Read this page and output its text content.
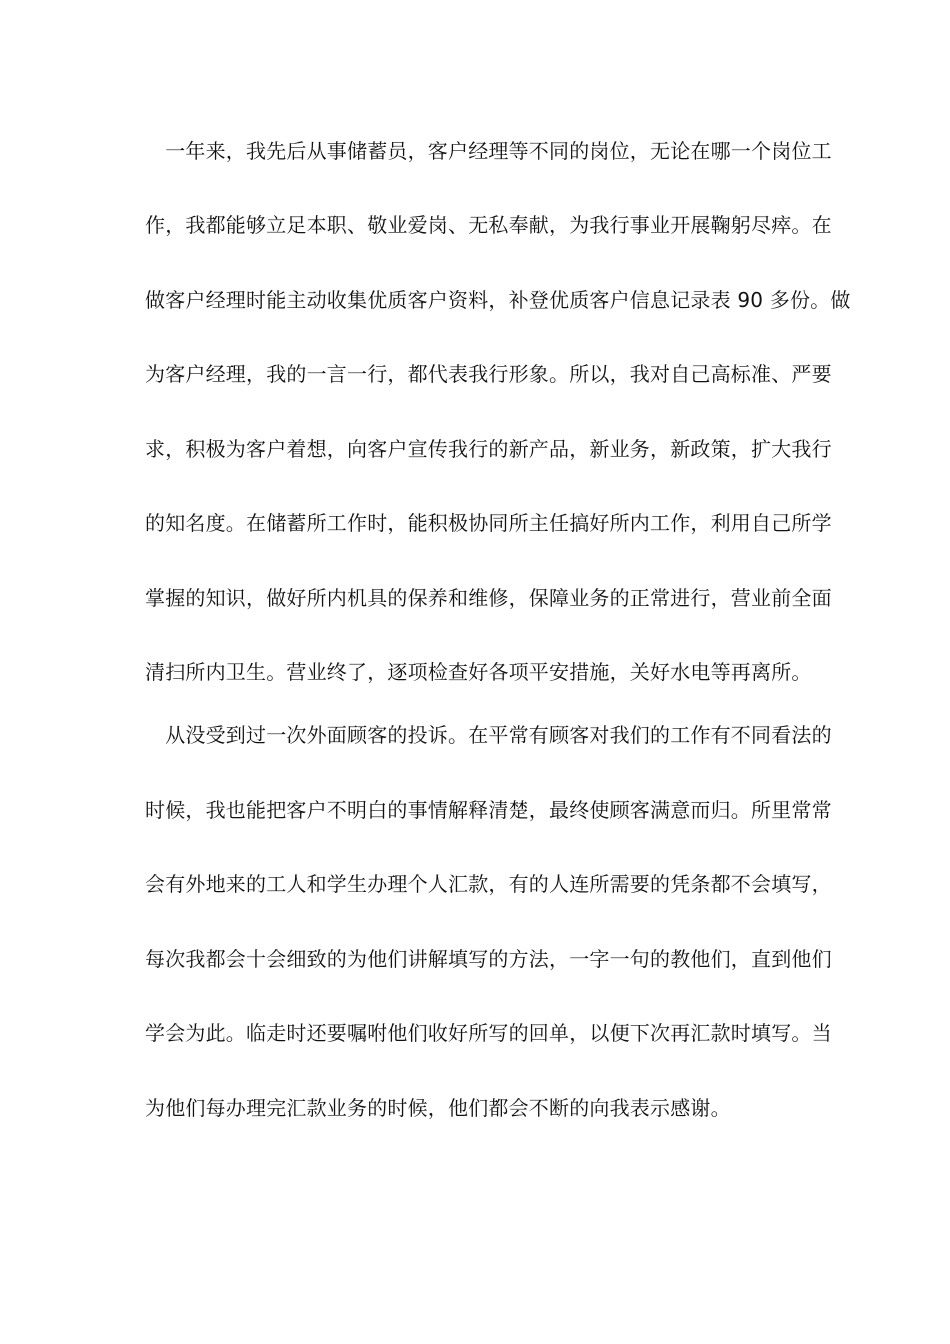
　一年来，我先后从事储蓄员，客户经理等不同的岗位，无论在哪一个岗位工
作，我都能够立足本职、敬业爱岗、无私奉献，为我行事业开展鞠躬尽瘁。在
做客户经理时能主动收集优质客户资料，补登优质客户信息记录表 90 多份。做
为客户经理，我的一言一行，都代表我行形象。所以，我对自己高标准、严要
求，积极为客户着想，向客户宣传我行的新产品，新业务，新政策，扩大我行
的知名度。在储蓄所工作时，能积极协同所主任搞好所内工作，利用自己所学
掌握的知识，做好所内机具的保养和维修，保障业务的正常进行，营业前全面
清扫所内卫生。营业终了，逐项检查好各项平安措施，关好水电等再离所。
　从没受到过一次外面顾客的投诉。在平常有顾客对我们的工作有不同看法的
时候，我也能把客户不明白的事情解释清楚，最终使顾客满意而归。所里常常
会有外地来的工人和学生办理个人汇款，有的人连所需要的凭条都不会填写，
每次我都会十会细致的为他们讲解填写的方法，一字一句的教他们，直到他们
学会为此。临走时还要嘱咐他们收好所写的回单，以便下次再汇款时填写。当
为他们每办理完汇款业务的时候，他们都会不断的向我表示感谢。
